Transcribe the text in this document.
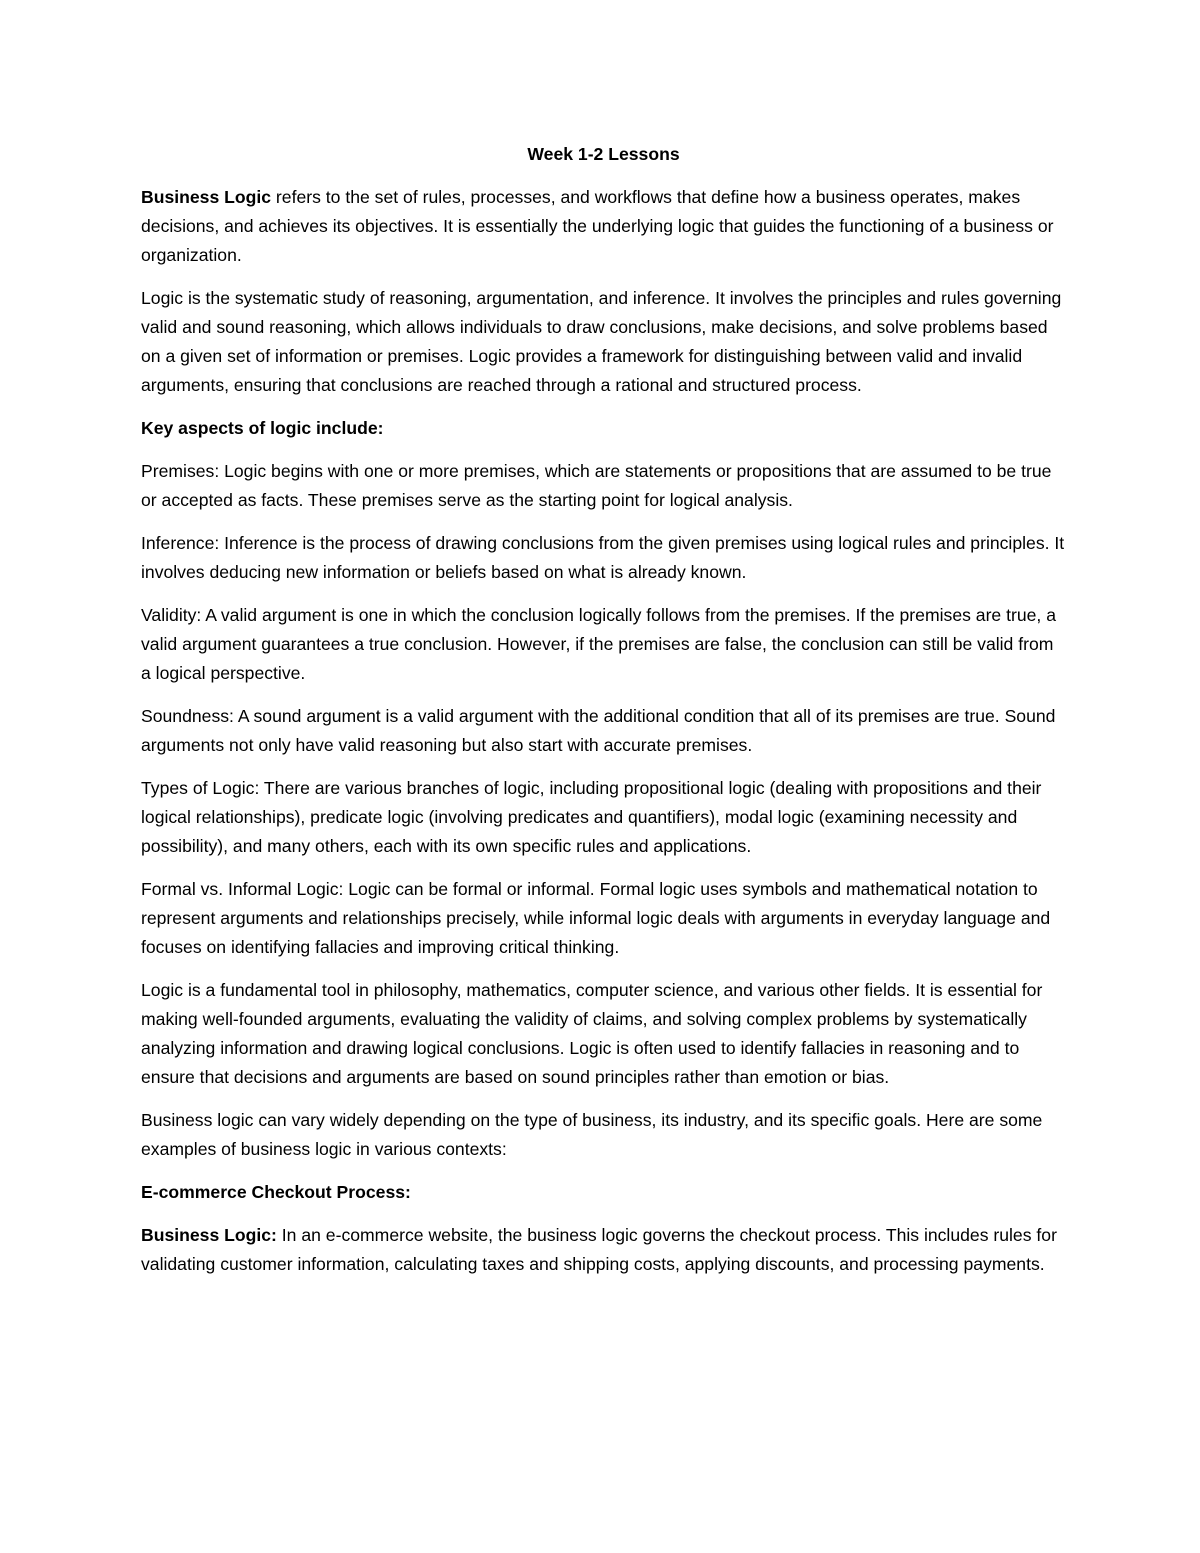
Week 1-2 Lessons

Business Logic refers to the set of rules, processes, and workflows that define how a business operates, makes decisions, and achieves its objectives. It is essentially the underlying logic that guides the functioning of a business or organization.

Logic is the systematic study of reasoning, argumentation, and inference. It involves the principles and rules governing valid and sound reasoning, which allows individuals to draw conclusions, make decisions, and solve problems based on a given set of information or premises. Logic provides a framework for distinguishing between valid and invalid arguments, ensuring that conclusions are reached through a rational and structured process.

Key aspects of logic include:

Premises: Logic begins with one or more premises, which are statements or propositions that are assumed to be true or accepted as facts. These premises serve as the starting point for logical analysis.

Inference: Inference is the process of drawing conclusions from the given premises using logical rules and principles. It involves deducing new information or beliefs based on what is already known.

Validity: A valid argument is one in which the conclusion logically follows from the premises. If the premises are true, a valid argument guarantees a true conclusion. However, if the premises are false, the conclusion can still be valid from a logical perspective.

Soundness: A sound argument is a valid argument with the additional condition that all of its premises are true. Sound arguments not only have valid reasoning but also start with accurate premises.

Types of Logic: There are various branches of logic, including propositional logic (dealing with propositions and their logical relationships), predicate logic (involving predicates and quantifiers), modal logic (examining necessity and possibility), and many others, each with its own specific rules and applications.

Formal vs. Informal Logic: Logic can be formal or informal. Formal logic uses symbols and mathematical notation to represent arguments and relationships precisely, while informal logic deals with arguments in everyday language and focuses on identifying fallacies and improving critical thinking.

Logic is a fundamental tool in philosophy, mathematics, computer science, and various other fields. It is essential for making well-founded arguments, evaluating the validity of claims, and solving complex problems by systematically analyzing information and drawing logical conclusions. Logic is often used to identify fallacies in reasoning and to ensure that decisions and arguments are based on sound principles rather than emotion or bias.

Business logic can vary widely depending on the type of business, its industry, and its specific goals. Here are some examples of business logic in various contexts:

E-commerce Checkout Process:

Business Logic: In an e-commerce website, the business logic governs the checkout process. This includes rules for validating customer information, calculating taxes and shipping costs, applying discounts, and processing payments.
